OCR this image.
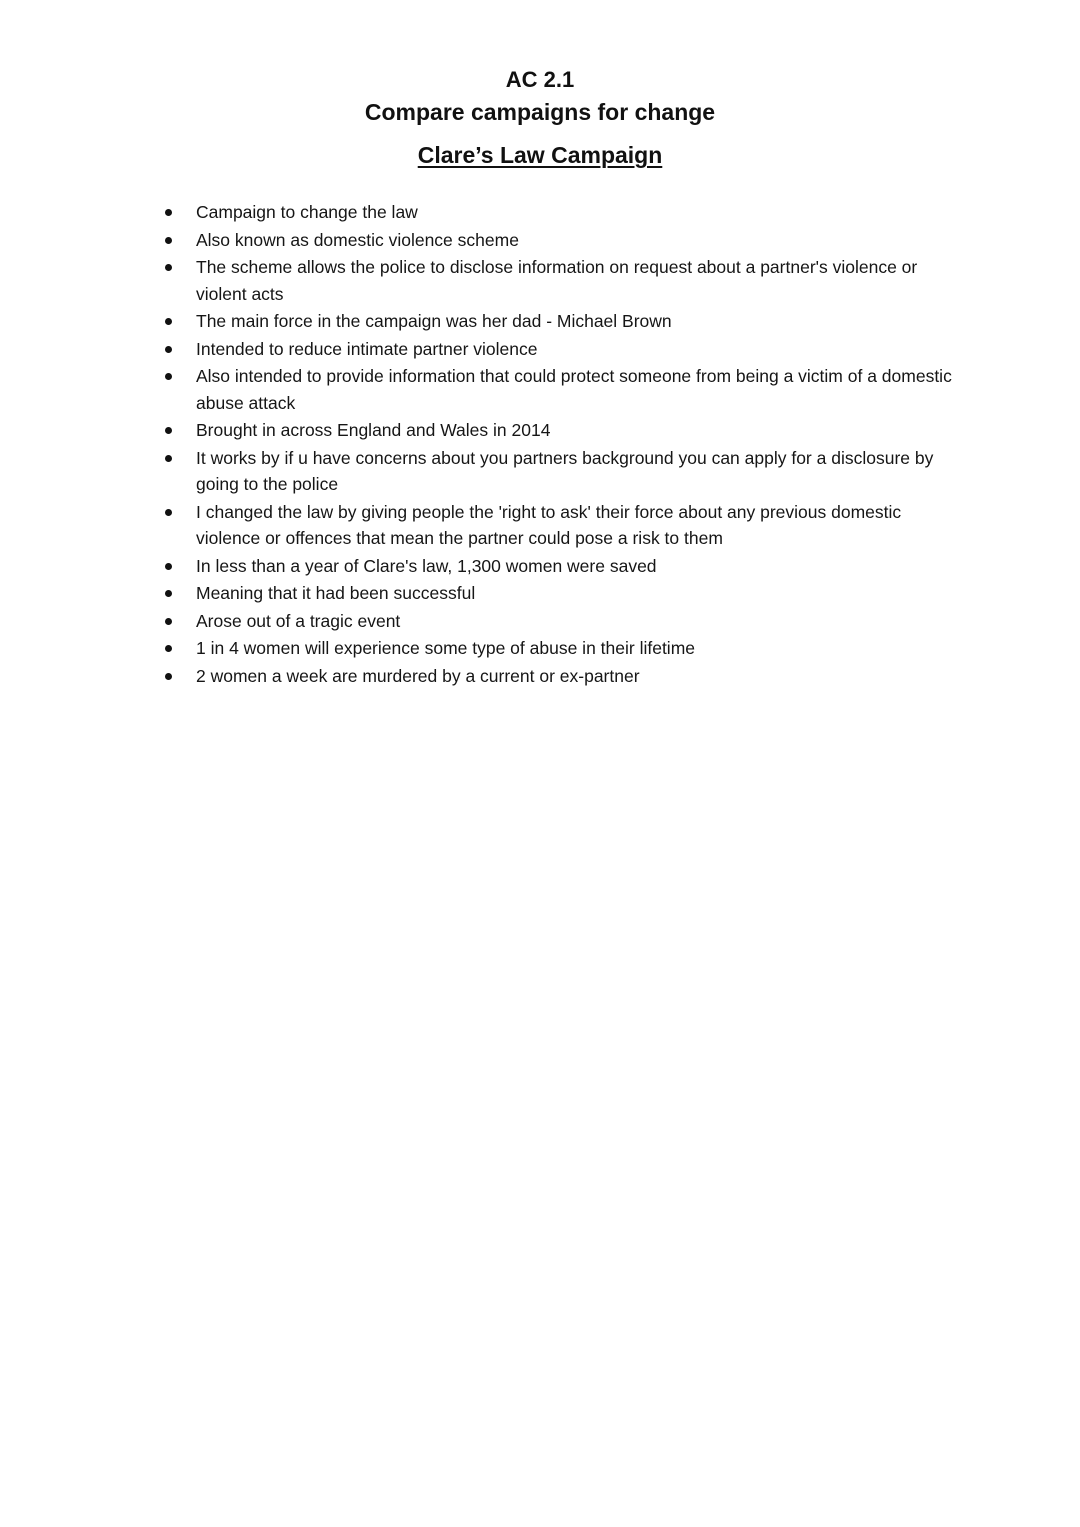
AC 2.1
Compare campaigns for change
Clare’s Law Campaign
Campaign to change the law
Also known as domestic violence scheme
The scheme allows the police to disclose information on request about a partner's violence or violent acts
The main force in the campaign was her dad - Michael Brown
Intended to reduce intimate partner violence
Also intended to provide information that could protect someone from being a victim of a domestic abuse attack
Brought in across England and Wales in 2014
It works by if u have concerns about you partners background you can apply for a disclosure by going to the police
I changed the law by giving people the 'right to ask' their force about any previous domestic violence or offences that mean the partner could pose a risk to them
In less than a year of Clare's law, 1,300 women were saved
Meaning that it had been successful
Arose out of a tragic event
1 in 4 women will experience some type of abuse in their lifetime
2 women a week are murdered by a current or ex-partner
